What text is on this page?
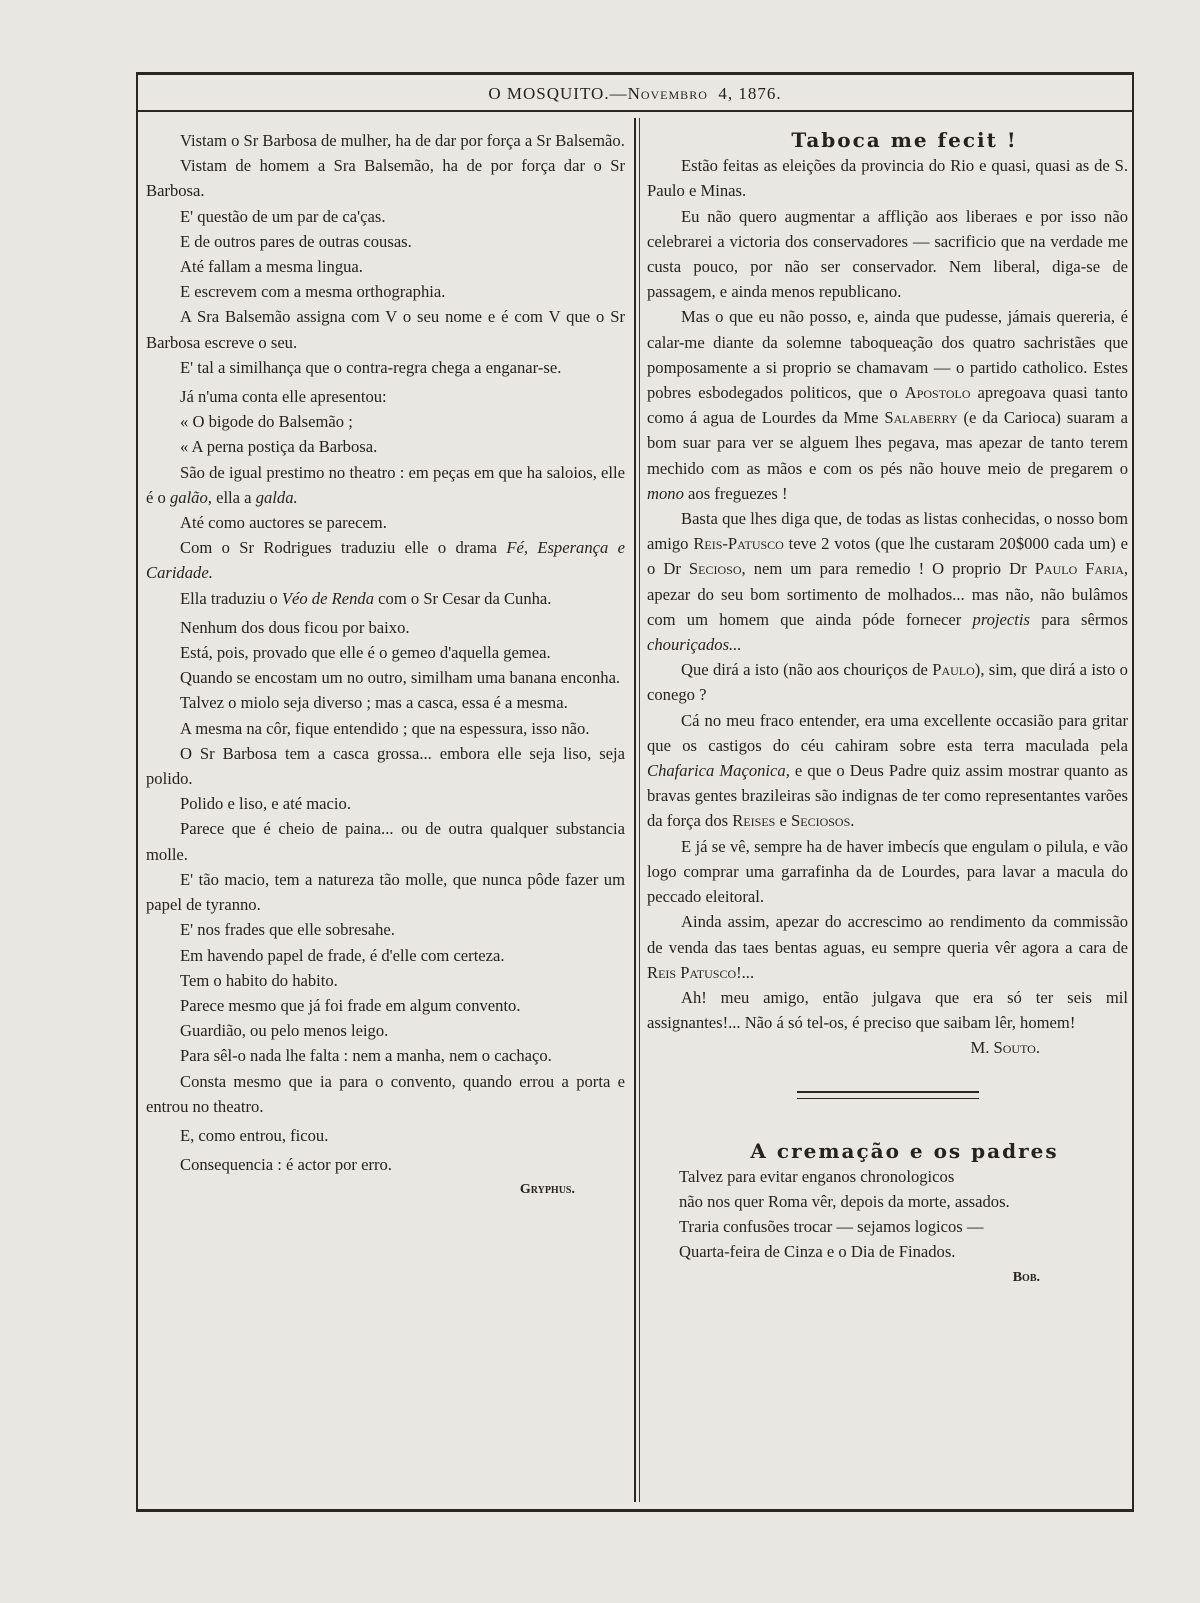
O MOSQUITO.—Novembro 4, 1876.

Vistam o Sr Barbosa de mulher, ha de dar por força a Sr Balsemão.

Vistam de homem a Sra Balsemão, ha de por força dar o Sr Barbosa.

E' questão de um par de ca'ças.

E de outros pares de outras cousas.

Até fallam a mesma lingua.

E escrevem com a mesma orthographia.

A Sra Balsemão assigna com V o seu nome e é com V que o Sr Barbosa escreve o seu.

E' tal a similhança que o contra-regra chega a enganar-se.

Já n'uma conta elle apresentou:

« O bigode do Balsemão ;

« A perna postiça da Barbosa.

São de igual prestimo no theatro : em peças em que ha saloios, elle é o galão, ella a galda.

Até como auctores se parecem.

Com o Sr Rodrigues traduziu elle o drama Fé, Esperança e Caridade.

Ella traduziu o Véo de Renda com o Sr Cesar da Cunha.

Nenhum dos dous ficou por baixo.

Está, pois, provado que elle é o gemeo d'aquella gemea.

Quando se encostam um no outro, similham uma banana enconha.

Talvez o miolo seja diverso ; mas a casca, essa é a mesma.

A mesma na côr, fique entendido ; que na espessura, isso não.

O Sr Barbosa tem a casca grossa... embora elle seja liso, seja polido.

Polido e liso, e até macio.

Parece que é cheio de paina... ou de outra qualquer substancia molle.

E' tão macio, tem a natureza tão molle, que nunca pôde fazer um papel de tyranno.

E' nos frades que elle sobresahe.

Em havendo papel de frade, é d'elle com certeza.

Tem o habito do habito.

Parece mesmo que já foi frade em algum convento.

Guardião, ou pelo menos leigo.

Para sêl-o nada lhe falta : nem a manha, nem o cachaço.

Consta mesmo que ia para o convento, quando errou a porta e entrou no theatro.

E, como entrou, ficou.

Consequencia : é actor por erro.

Gryphus.

Taboca me fecit !

Estão feitas as eleições da provincia do Rio e quasi, quasi as de S. Paulo e Minas.

Eu não quero augmentar a afflição aos liberaes e por isso não celebrarei a victoria dos conservadores — sacrificio que na verdade me custa pouco, por não ser conservador. Nem liberal, diga-se de passagem, e ainda menos republicano.

Mas o que eu não posso, e, ainda que pudesse, jámais quereria, é calar-me diante da solemne taboqueação dos quatro sachristães que pomposamente a si proprio se chamavam — o partido catholico. Estes pobres esbodegados politicos, que o Apostolo apregoava quasi tanto como á agua de Lourdes da Mme Salaberry (e da Carioca) suaram a bom suar para ver se alguem lhes pegava, mas apezar de tanto terem mechido com as mãos e com os pés não houve meio de pregarem o mono aos freguezes !

Basta que lhes diga que, de todas as listas conhecidas, o nosso bom amigo Reis-Patusco teve 2 votos (que lhe custaram 20$000 cada um) e o Dr Secioso, nem um para remedio ! O proprio Dr Paulo Faria, apezar do seu bom sortimento de molhados... mas não, não bulâmos com um homem que ainda póde fornecer projectis para sêrmos chouriçados...

Que dirá a isto (não aos chouriços de Paulo), sim, que dirá a isto o conego ?

Cá no meu fraco entender, era uma excellente occasião para gritar que os castigos do céu cahiram sobre esta terra maculada pela Chafarica Maçonica, e que o Deus Padre quiz assim mostrar quanto as bravas gentes brazileiras são indignas de ter como representantes varões da força dos Reises e Seciosos.

E já se vê, sempre ha de haver imbecís que engulam o pilula, e vão logo comprar uma garrafinha da de Lourdes, para lavar a macula do peccado eleitoral.

Ainda assim, apezar do accrescimo ao rendimento da commissão de venda das taes bentas aguas, eu sempre queria vêr agora a cara de Reis Patusco!...

Ah! meu amigo, então julgava que era só ter seis mil assignantes!... Não á só tel-os, é preciso que saibam lêr, homem!

M. Souto.

A cremação e os padres

Talvez para evitar enganos chronologicos
não nos quer Roma vêr, depois da morte, assados.
Traria confusões trocar — sejamos logicos —
Quarta-feira de Cinza e o Dia de Finados.

Bob.
